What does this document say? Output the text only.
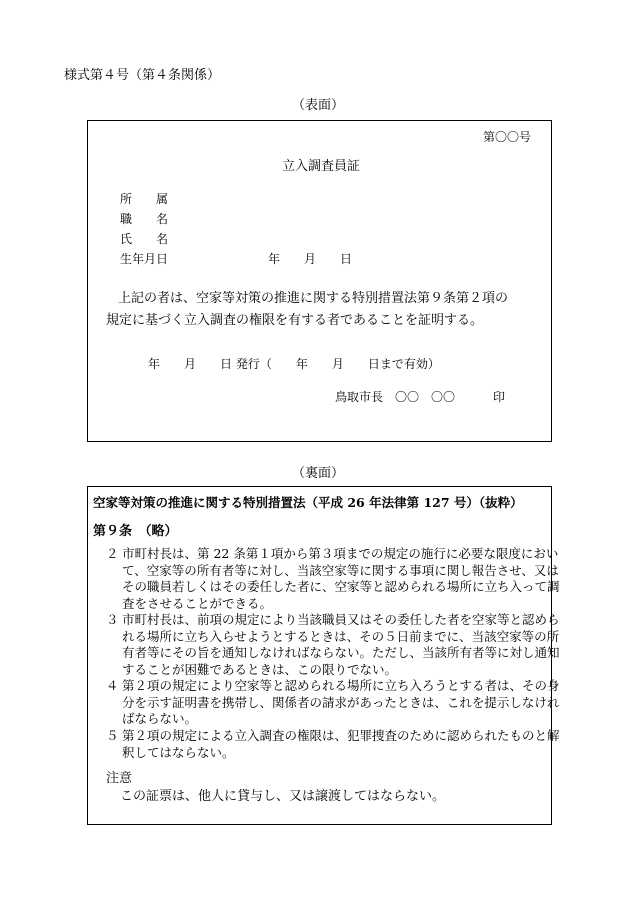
様式第４号（第４条関係）
（表面）
第〇〇号
立入調査員証
所　　属
職　　名
氏　　名
生年月日	年　　月　　日
上記の者は、空家等対策の推進に関する特別措置法第９条第２項の
規定に基づく立入調査の権限を有する者であることを証明する。
年　　月　　日 発行（　　年　　月　　日まで有効）
鳥取市長　〇〇　〇〇	印
（裏面）
空家等対策の推進に関する特別措置法（平成 26 年法律第 127 号）（抜粋）
第９条　（略）
２ 市町村長は、第 22 条第１項から第３項までの規定の施行に必要な限度において、空家等の所有者等に対し、当該空家等に関する事項に関し報告させ、又はその職員若しくはその委任した者に、空家等と認められる場所に立ち入って調査をさせることができる。
３ 市町村長は、前項の規定により当該職員又はその委任した者を空家等と認められる場所に立ち入らせようとするときは、その５日前までに、当該空家等の所有者等にその旨を通知しなければならない。ただし、当該所有者等に対し通知することが困難であるときは、この限りでない。
４ 第２項の規定により空家等と認められる場所に立ち入ろうとする者は、その身分を示す証明書を携帯し、関係者の請求があったときは、これを提示しなければならない。
５ 第２項の規定による立入調査の権限は、犯罪捜査のために認められたものと解釈してはならない。
注意
この証票は、他人に貸与し、又は譲渡してはならない。
